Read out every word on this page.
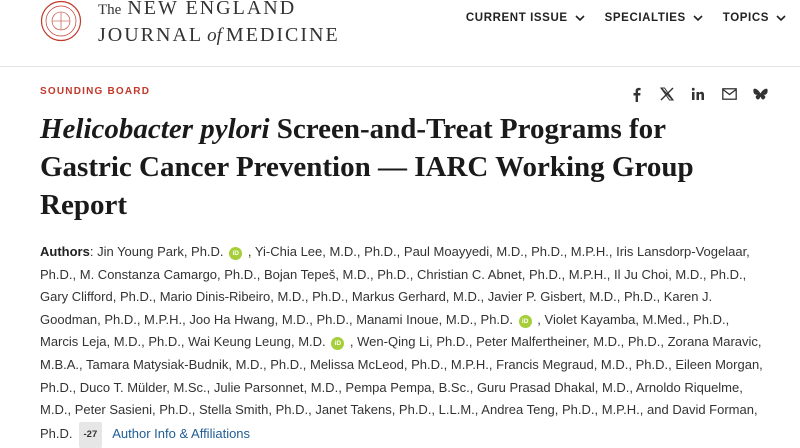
The NEW ENGLAND
JOURNAL of MEDICINE
CURRENT ISSUE	SPECIALTIES	TOPICS
SOUNDING BOARD
Helicobacter pylori Screen-and-Treat Programs for Gastric Cancer Prevention — IARC Working Group Report
Authors: Jin Young Park, Ph.D. iD , Yi-Chia Lee, M.D., Ph.D., Paul Moayyedi, M.D., Ph.D., M.P.H., Iris Lansdorp-Vogelaar, Ph.D., M. Constanza Camargo, Ph.D., Bojan Tepeš, M.D., Ph.D., Christian C. Abnet, Ph.D., M.P.H., Il Ju Choi, M.D., Ph.D., Gary Clifford, Ph.D., Mario Dinis-Ribeiro, M.D., Ph.D., Markus Gerhard, M.D., Javier P. Gisbert, M.D., Ph.D., Karen J. Goodman, Ph.D., M.P.H., Joo Ha Hwang, M.D., Ph.D., Manami Inoue, M.D., Ph.D. iD , Violet Kayamba, M.Med., Ph.D., Marcis Leja, M.D., Ph.D., Wai Keung Leung, M.D. iD , Wen-Qing Li, Ph.D., Peter Malfertheiner, M.D., Ph.D., Zorana Maravic, M.B.A., Tamara Matysiak-Budnik, M.D., Ph.D., Melissa McLeod, Ph.D., M.P.H., Francis Megraud, M.D., Ph.D., Eileen Morgan, Ph.D., Duco T. Mülder, M.Sc., Julie Parsonnet, M.D., Pempa Pempa, B.Sc., Guru Prasad Dhakal, M.D., Arnoldo Riquelme, M.D., Peter Sasieni, Ph.D., Stella Smith, Ph.D., Janet Takens, Ph.D., L.L.M., Andrea Teng, Ph.D., M.P.H., and David Forman, Ph.D. -27 Author Info & Affiliations
